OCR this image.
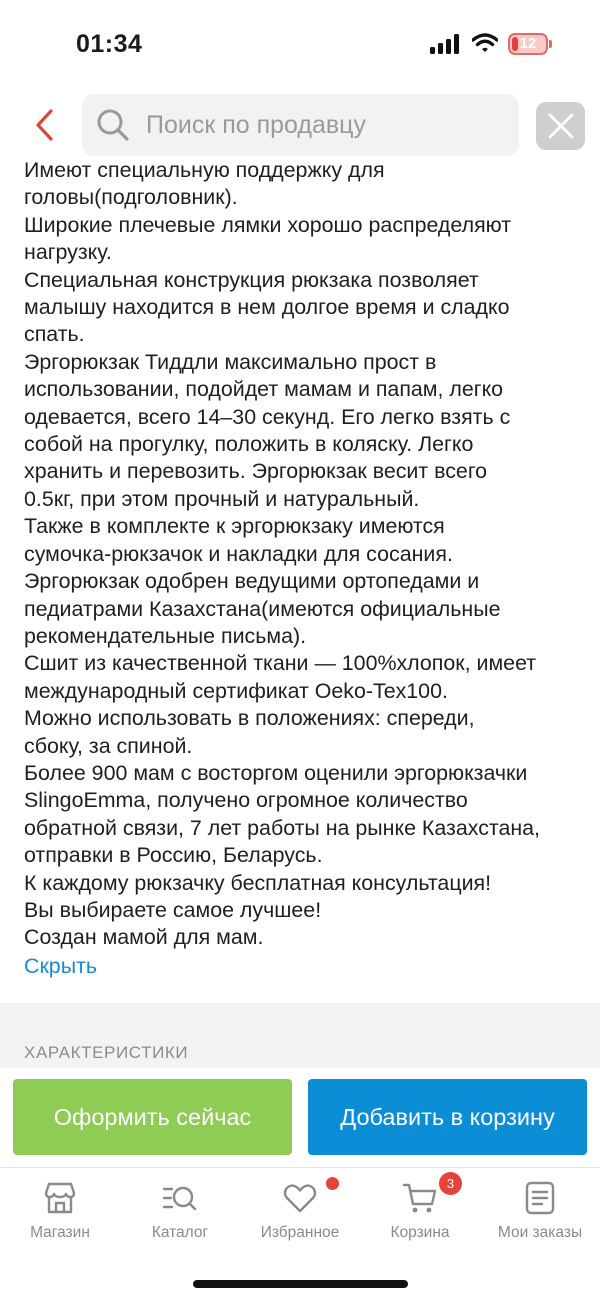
01:34	12
Поиск по продавцу

Имеют специальную поддержку для
головы(подголовник).

Широкие плечевые лямки хорошо распределяют
нагрузку.

Специальная конструкция рюкзака позволяет
малышу находится в нем долгое время и сладко
спать.

Эргорюкзак Тиддли максимально прост в
использовании, подойдет мамам и папам, легко
одевается, всего 14–30 секунд. Его легко взять с
собой на прогулку, положить в коляску. Легко
хранить и перевозить. Эргорюкзак весит всего
0.5кг, при этом прочный и натуральный.

Также в комплекте к эргорюкзаку имеются
сумочка-рюкзачок и накладки для сосания.

Эргорюкзак одобрен ведущими ортопедами и
педиатрами Казахстана(имеются официальные
рекомендательные письма).

Сшит из качественной ткани — 100%хлопок, имеет
международный сертификат Oeko-Tex100.

Можно использовать в положениях: спереди,
сбоку, за спиной.

Более 900 мам с восторгом оценили эргорюкзачки
SlingoEmma, получено огромное количество
обратной связи, 7 лет работы на рынке Казахстана,
отправки в Россию, Беларусь.

К каждому рюкзачку бесплатная консультация!

Вы выбираете самое лучшее!

Создан мамой для мам.

Скрыть
ХАРАКТЕРИСТИКИ
Оформить сейчас	Добавить в корзину
Магазин	Каталог	Избранное	Корзина	Мои заказы
3
